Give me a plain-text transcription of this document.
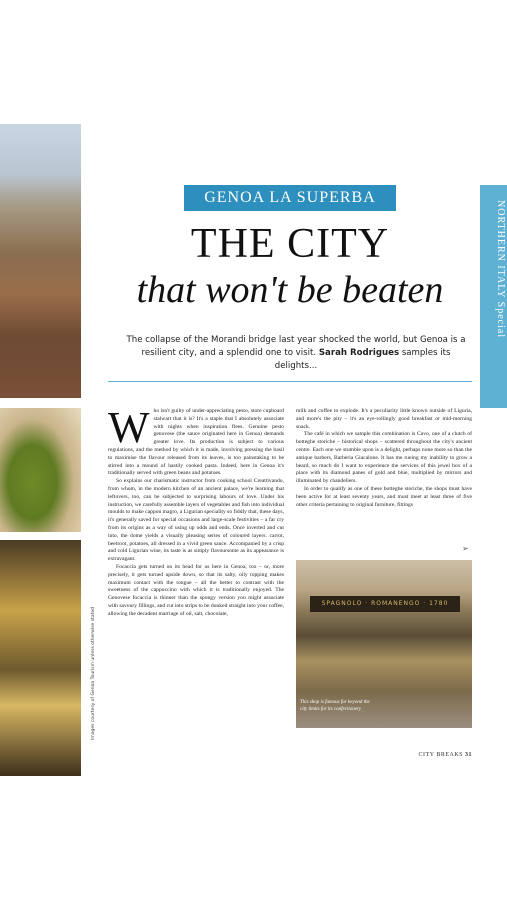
NORTHERN ITALY Special
GENOA LA SUPERBA
THE CITY
that won't be beaten
The collapse of the Morandi bridge last year shocked the world, but Genoa is a resilient city, and a splendid one to visit. Sarah Rodrigues samples its delights...
Images courtesy of Genoa Tourism unless otherwise stated

Who isn't guilty of under-appreciating pesto, store cupboard stalwart that it is? It's a staple that I absolutely associate with nights when inspiration flees. Genuine pesto genovese (the sauce originated here in Genoa) demands greater love. Its production is subject to various regulations, and the method by which it is made, involving pressing the basil to maximise the flavour released from its leaves, is too painstaking to be stirred into a mound of hastily cooked pasta. Indeed, here in Genoa it's traditionally served with green beans and potatoes.

So explains our charismatic instructor from cooking school Creattivando, from whom, in the modern kitchen of an ancient palace, we're learning that leftovers, too, can be subjected to surprising labours of love. Under his instruction, we carefully assemble layers of vegetables and fish into individual moulds to make cappon magro, a Ligurian speciality so fiddly that, these days, it's generally saved for special occasions and large-scale festivities – a far cry from its origins as a way of using up odds and ends. Once inverted and cut into, the dome yields a visually pleasing series of coloured layers: carrot, beetroot, potatoes, all dressed in a vivid green sauce. Accompanied by a crisp and cold Ligurian wine, its taste is as simply flavoursome as its appearance is extravagant.

Focaccia gets turned on its head for us here in Genoa, too – or, more precisely, it gets turned upside down, so that its salty, oily topping makes maximum contact with the tongue – all the better to contrast with the sweetness of the cappuccino with which it is traditionally enjoyed. The Genovese focaccia is thinner than the spongy version you might associate with savoury fillings, and cut into strips to be dunked straight into your coffee, allowing the decadent marriage of oil, salt, chocolate,

milk and coffee to explode. It's a peculiarity little known outside of Liguria, and more's the pity – it's an eye-rollingly good breakfast or mid-morning snack.

The café in which we sample this combination is Cavo, one of a clutch of botteghe storiche – historical shops – scattered throughout the city's ancient centre. Each one we stumble upon is a delight, perhaps none more so than the antique barbers, Barberia Giacalone. It has me rueing my inability to grow a beard, so much do I want to experience the services of this jewel box of a place with its diamond panes of gold and blue, multiplied by mirrors and illuminated by chandeliers.

In order to qualify as one of these botteghe storiche, the shops must have been active for at least seventy years, and must meet at least three of five other criteria pertaining to original furniture, fittings

➢
SPAGNOLO · ROMANENGO · 1780
This shop is famous far beyond the city limits for its confectionery
CITY BREAKS 31
